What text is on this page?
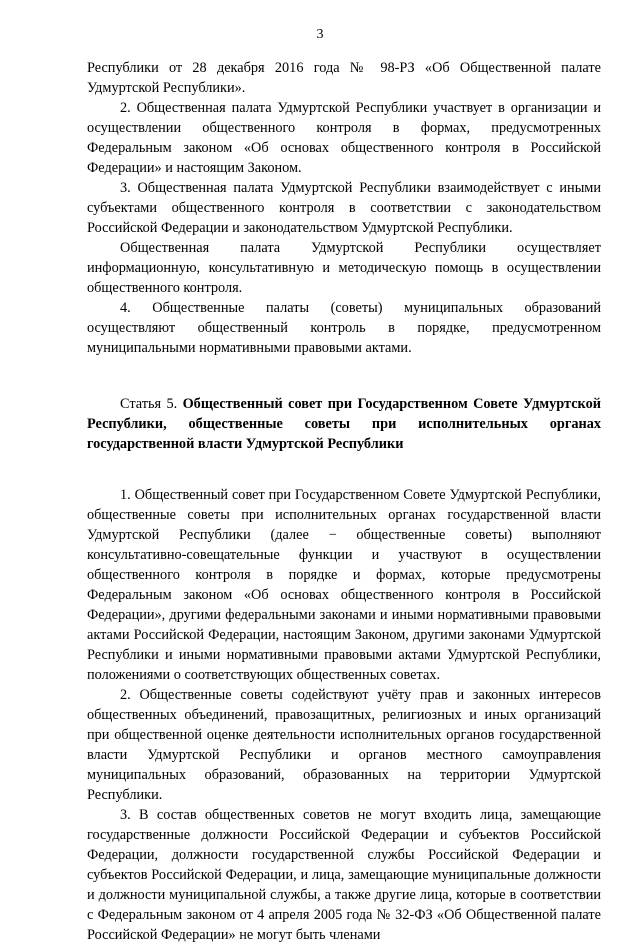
3

Республики от 28 декабря 2016 года № 98-РЗ «Об Общественной палате Удмуртской Республики».

2. Общественная палата Удмуртской Республики участвует в организации и осуществлении общественного контроля в формах, предусмотренных Федеральным законом «Об основах общественного контроля в Российской Федерации» и настоящим Законом.

3. Общественная палата Удмуртской Республики взаимодействует с иными субъектами общественного контроля в соответствии с законодательством Российской Федерации и законодательством Удмуртской Республики.

Общественная палата Удмуртской Республики осуществляет информационную, консультативную и методическую помощь в осуществлении общественного контроля.

4. Общественные палаты (советы) муниципальных образований осуществляют общественный контроль в порядке, предусмотренном муниципальными нормативными правовыми актами.

Статья 5. Общественный совет при Государственном Совете Удмуртской Республики, общественные советы при исполнительных органах государственной власти Удмуртской Республики

1. Общественный совет при Государственном Совете Удмуртской Республики, общественные советы при исполнительных органах государственной власти Удмуртской Республики (далее − общественные советы) выполняют консультативно-совещательные функции и участвуют в осуществлении общественного контроля в порядке и формах, которые предусмотрены Федеральным законом «Об основах общественного контроля в Российской Федерации», другими федеральными законами и иными нормативными правовыми актами Российской Федерации, настоящим Законом, другими законами Удмуртской Республики и иными нормативными правовыми актами Удмуртской Республики, положениями о соответствующих общественных советах.

2. Общественные советы содействуют учёту прав и законных интересов общественных объединений, правозащитных, религиозных и иных организаций при общественной оценке деятельности исполнительных органов государственной власти Удмуртской Республики и органов местного самоуправления муниципальных образований, образованных на территории Удмуртской Республики.

3. В состав общественных советов не могут входить лица, замещающие государственные должности Российской Федерации и субъектов Российской Федерации, должности государственной службы Российской Федерации и субъектов Российской Федерации, и лица, замещающие муниципальные должности и должности муниципальной службы, а также другие лица, которые в соответствии с Федеральным законом от 4 апреля 2005 года № 32-ФЗ «Об Общественной палате Российской Федерации» не могут быть членами
